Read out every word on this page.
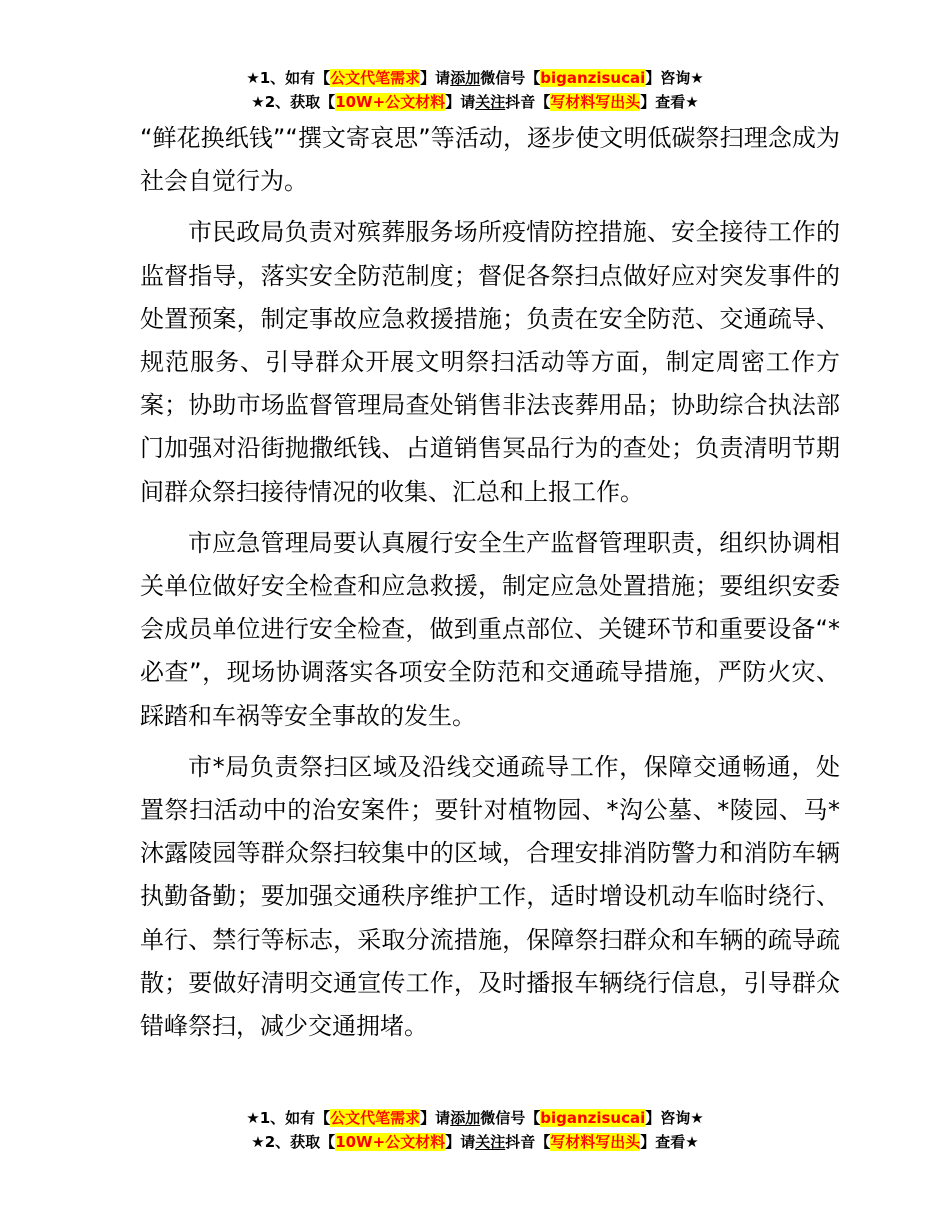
★1、如有【公文代笔需求】请添加微信号【biganzisucai】咨询★
★2、获取【10W+公文材料】请关注抖音【写材料写出头】查看★

“鲜花换纸钱”“撰文寄哀思”等活动，逐步使文明低碳祭扫理念成为社会自觉行为。

市民政局负责对殡葬服务场所疫情防控措施、安全接待工作的监督指导，落实安全防范制度；督促各祭扫点做好应对突发事件的处置预案，制定事故应急救援措施；负责在安全防范、交通疏导、规范服务、引导群众开展文明祭扫活动等方面，制定周密工作方案；协助市场监督管理局查处销售非法丧葬用品；协助综合执法部门加强对沿街抛撒纸钱、占道销售冥品行为的查处；负责清明节期间群众祭扫接待情况的收集、汇总和上报工作。

市应急管理局要认真履行安全生产监督管理职责，组织协调相关单位做好安全检查和应急救援，制定应急处置措施；要组织安委会成员单位进行安全检查，做到重点部位、关键环节和重要设备“*必查”，现场协调落实各项安全防范和交通疏导措施，严防火灾、踩踏和车祸等安全事故的发生。

市*局负责祭扫区域及沿线交通疏导工作，保障交通畅通，处置祭扫活动中的治安案件；要针对植物园、*沟公墓、*陵园、马*沐露陵园等群众祭扫较集中的区域，合理安排消防警力和消防车辆执勤备勤；要加强交通秩序维护工作，适时增设机动车临时绕行、单行、禁行等标志，采取分流措施，保障祭扫群众和车辆的疏导疏散；要做好清明交通宣传工作，及时播报车辆绕行信息，引导群众错峰祭扫，减少交通拥堵。

★1、如有【公文代笔需求】请添加微信号【biganzisucai】咨询★
★2、获取【10W+公文材料】请关注抖音【写材料写出头】查看★
